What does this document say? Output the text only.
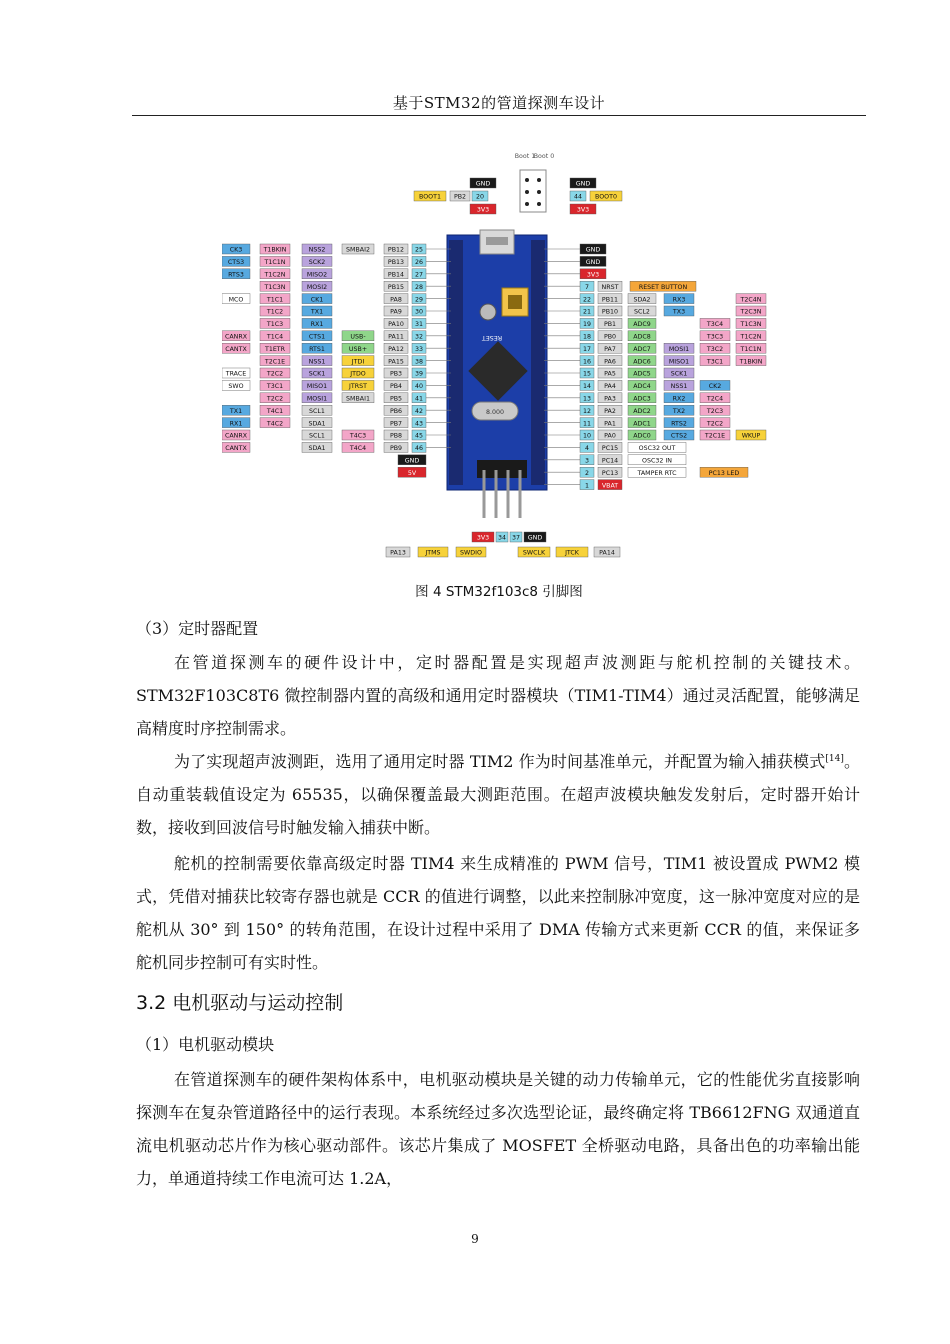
基于STM32的管道探测车设计
CK3	T1BKIN	NSS2	SMBAI2	PB12 25
CTS3	T1C1N	SCK2	PB13 26
RTS3	T1C2N	MISO2	PB14 27
T1C3N	MOSI2	PB15 28
MCO	T1C1	CK1	PA8 29
T1C2	TX1	PA9 30
T1C3	RX1	PA10 31
CANRX	T1C4	CTS1	USB-	PA11 32
CANTX	T1ETR	RTS1	USB+	PA12 33
T2C1E	NSS1	JTDI	PA15 38
TRACE	T2C2	SCK1	JTDO	PB3 39
SWO	T3C1	MISO1	JTRST	PB4 40
T2C2	MOSI1	SMBAI1	PB5 41
TX1	T4C1	SCL1	PB6 42
RX1	T4C2	SDA1	PB7 43
CANRX	SCL1	T4C3	PB8 45
CANTX	SDA1	T4C4	PB9 46
GND
5V
GND
GND
3V3
7 NRST	RESET BUTTON
22 PB11 SDA2	RX3	T2C4N
21 PB10	SCL2	TX3	T2C3N
19 PB1	ADC9	T3C4	T1C3N
18 PB0	ADC8	T3C3	T1C2N
17 PA7	ADC7	MOSI1	T3C2	T1C1N
16 PA6	ADC6	MISO1	T3C1	T1BKIN
15 PA5	ADC5	SCK1
14 PA4	ADC4	NSS1	CK2
13 PA3	ADC3	RX2	T2C4
12 PA2	ADC2	TX2	T2C3
11 PA1	ADC1	RTS2	T2C2
10 PA0	ADC0	CTS2	T2C1E	WKUP
4 PC15	OSC32 OUT
3 PC14	OSC32 IN
2 PC13	TAMPER RTC	PC13 LED
1 VBAT
Boot 1
Boot 0
GND
BOOT1 PB2 20
3V3
GND
44 BOOT0
3V3
RESET
8.000
3V3 34 37 GND
PA13	JTMS	SWDIO	SWCLK	JTCK	PA14
图 4 STM32f103c8 引脚图
（3）定时器配置
在管道探测车的硬件设计中，定时器配置是实现超声波测距与舵机控制的关键技术。STM32F103C8T6 微控制器内置的高级和通用定时器模块（TIM1-TIM4）通过灵活配置，能够满足高精度时序控制需求。
为了实现超声波测距，选用了通用定时器 TIM2 作为时间基准单元，并配置为输入捕获模式[14]。自动重装载值设定为 65535，以确保覆盖最大测距范围。在超声波模块触发发射后，定时器开始计数，接收到回波信号时触发输入捕获中断。
舵机的控制需要依靠高级定时器 TIM4 来生成精准的 PWM 信号，TIM1 被设置成 PWM2 模式，凭借对捕获比较寄存器也就是 CCR 的值进行调整，以此来控制脉冲宽度，这一脉冲宽度对应的是舵机从 30° 到 150° 的转角范围，在设计过程中采用了 DMA 传输方式来更新 CCR 的值，来保证多舵机同步控制可有实时性。
3.2 电机驱动与运动控制
（1）电机驱动模块
在管道探测车的硬件架构体系中，电机驱动模块是关键的动力传输单元，它的性能优劣直接影响探测车在复杂管道路径中的运行表现。本系统经过多次选型论证，最终确定将 TB6612FNG 双通道直流电机驱动芯片作为核心驱动部件。该芯片集成了 MOSFET 全桥驱动电路，具备出色的功率输出能力，单通道持续工作电流可达 1.2A，
9
